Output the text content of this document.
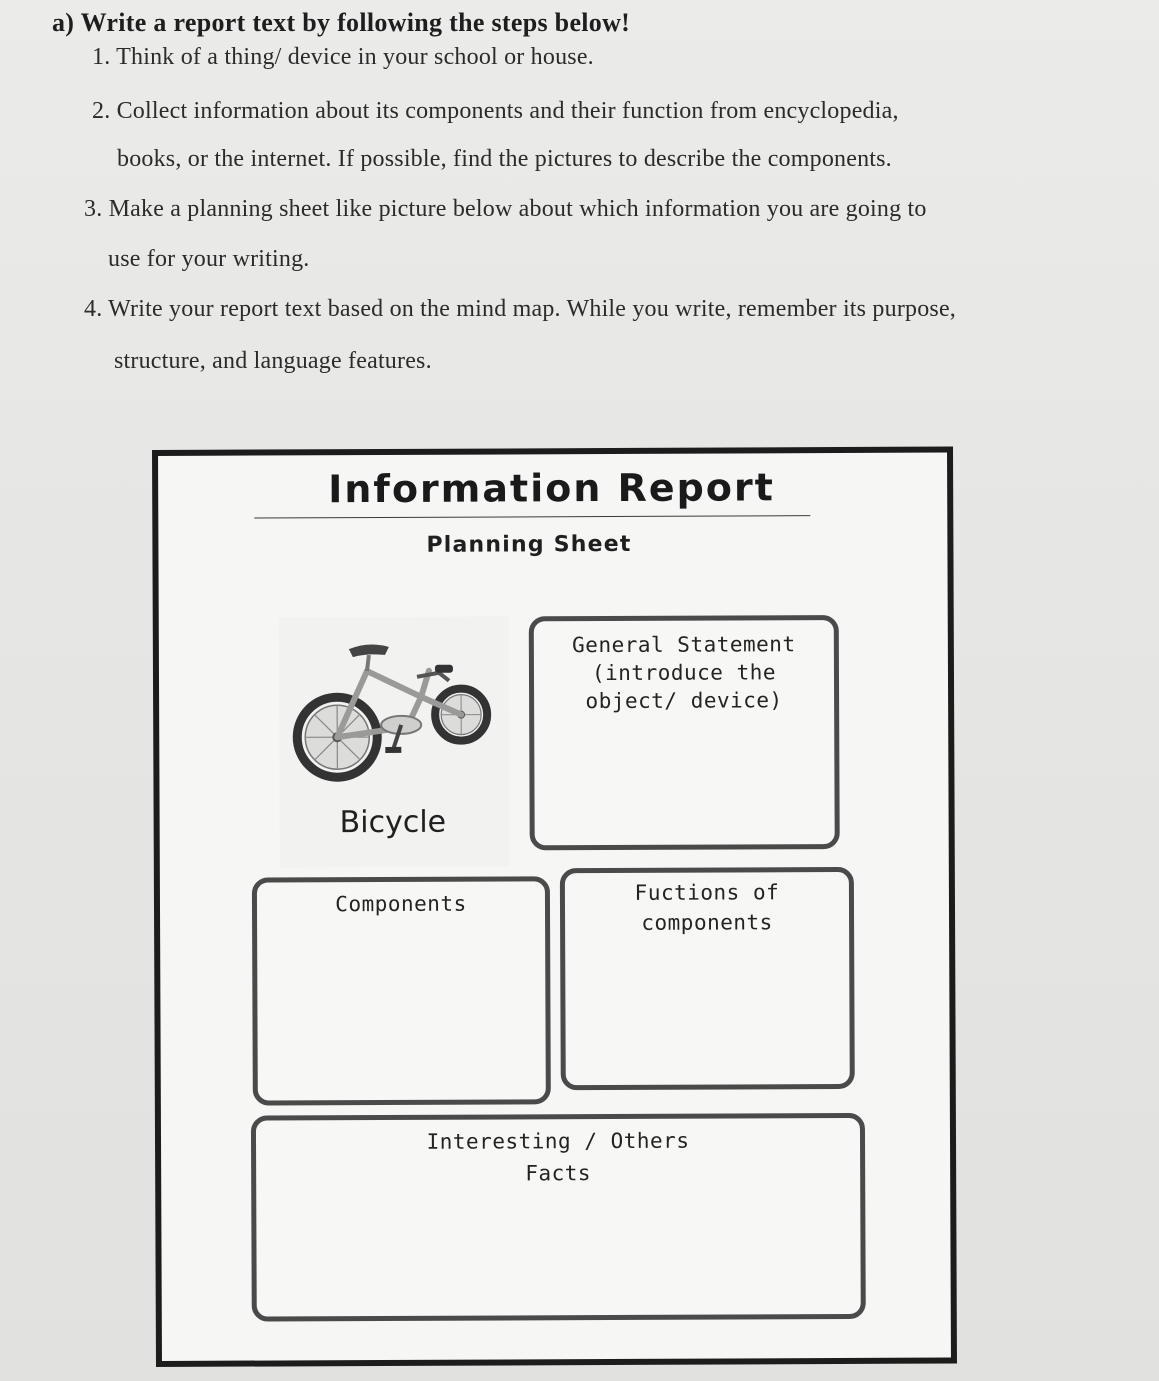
a) Write a report text by following the steps below!

1. Think of a thing/ device in your school or house.

2. Collect information about its components and their function from encyclopedia,

books, or the internet. If possible, find the pictures to describe the components.

3. Make a planning sheet like picture below about which information you are going to

use for your writing.

4. Write your report text based on the mind map. While you write, remember its purpose,

structure, and language features.

Information Report
Planning Sheet
Bicycle
General Statement
(introduce the
object/ device)
Components	Fuctions of
components
Interesting / Others
Facts
